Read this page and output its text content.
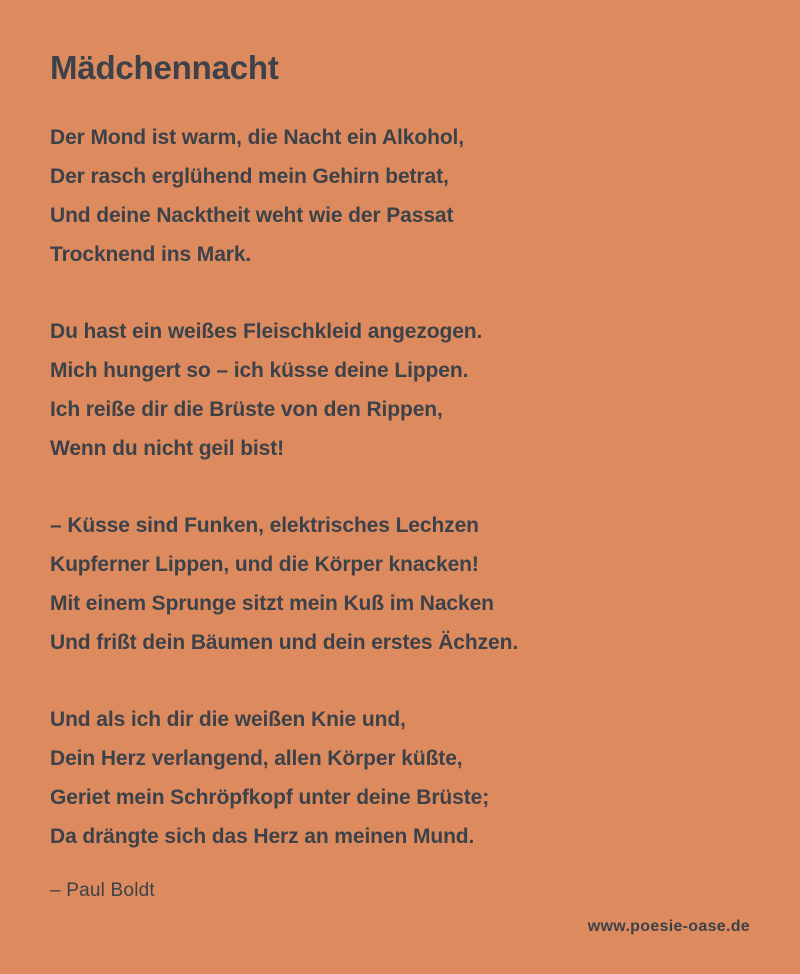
Mädchennacht
Der Mond ist warm, die Nacht ein Alkohol,
Der rasch erglühend mein Gehirn betrat,
Und deine Nacktheit weht wie der Passat
Trocknend ins Mark.
Du hast ein weißes Fleischkleid angezogen.
Mich hungert so – ich küsse deine Lippen.
Ich reiße dir die Brüste von den Rippen,
Wenn du nicht geil bist!
– Küsse sind Funken, elektrisches Lechzen
Kupferner Lippen, und die Körper knacken!
Mit einem Sprunge sitzt mein Kuß im Nacken
Und frißt dein Bäumen und dein erstes Ächzen.
Und als ich dir die weißen Knie und,
Dein Herz verlangend, allen Körper küßte,
Geriet mein Schröpfkopf unter deine Brüste;
Da drängte sich das Herz an meinen Mund.
– Paul Boldt
www.poesie-oase.de
